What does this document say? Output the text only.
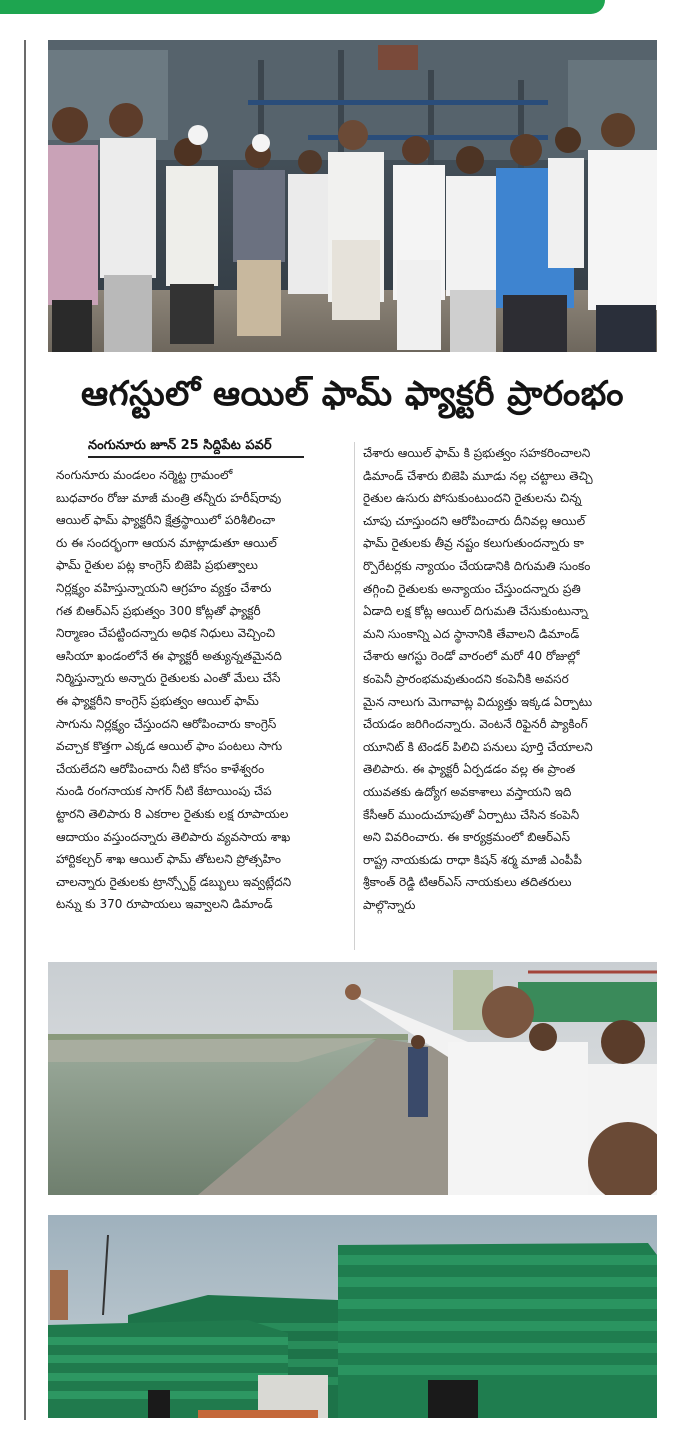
ఆగస్టులో ఆయిల్ ఫామ్ ఫ్యాక్టరీ ప్రారంభం
నంగునూరు జూన్ 25 సిద్దిపేట పవర్
నంగునూరు మండలం నర్మెట్ట గ్రామంలో
బుధవారం రోజు మాజీ మంత్రి తన్నీరు హరీష్‌రావు
ఆయిల్ ఫామ్ ఫ్యాక్టరీని క్షేత్రస్థాయిలో పరిశీలించా
రు ఈ సందర్భంగా ఆయన మాట్లాడుతూ ఆయిల్
ఫామ్ రైతుల పట్ల కాంగ్రెస్ బిజెపి ప్రభుత్వాలు
నిర్లక్ష్యం వహిస్తున్నాయని ఆగ్రహం వ్యక్తం చేశారు
గత బిఆర్ఎస్ ప్రభుత్వం 300 కోట్లతో ఫ్యాక్టరీ
నిర్మాణం చేపట్టిందన్నారు అధిక నిధులు వెచ్చించి
ఆసియా ఖండంలోనే ఈ ఫ్యాక్టరీ అత్యున్నతమైనది
నిర్మిస్తున్నారు అన్నారు రైతులకు ఎంతో మేలు చేసే
ఈ ఫ్యాక్టరీని కాంగ్రెస్ ప్రభుత్వం ఆయిల్ ఫామ్
సాగును నిర్లక్ష్యం చేస్తుందని ఆరోపించారు కాంగ్రెస్
వచ్చాక కొత్తగా ఎక్కడ ఆయిల్ ఫాం పంటలు సాగు
చేయలేదని ఆరోపించారు నీటి కోసం కాళేశ్వరం
నుండి రంగనాయక సాగర్ నీటి కేటాయింపు చేప
ట్టారని తెలిపారు 8 ఎకరాల రైతుకు లక్ష రూపాయల
ఆదాయం వస్తుందన్నారు తెలిపారు వ్యవసాయ శాఖ
హార్టికల్చర్ శాఖ ఆయిల్ ఫామ్ తోటలని ప్రోత్సహిం
చాలన్నారు రైతులకు ట్రాన్స్పోర్ట్ డబ్బులు ఇవ్వట్లేదని
టన్ను కు 370 రూపాయలు ఇవ్వాలని డిమాండ్
చేశారు ఆయిల్ ఫామ్ కి ప్రభుత్వం సహకరించాలని
డిమాండ్ చేశారు బిజెపి మూడు నల్ల చట్టాలు తెచ్చి
రైతుల ఉసురు పోసుకుంటుందని రైతులను చిన్న
చూపు చూస్తుందని ఆరోపించారు దీనివల్ల ఆయిల్
ఫామ్ రైతులకు తీవ్ర నష్టం కలుగుతుందన్నారు కా
ర్పొరేటర్లకు న్యాయం చేయడానికి దిగుమతి సుంకం
తగ్గించి రైతులకు అన్యాయం చేస్తుందన్నారు ప్రతి
ఏడాది లక్ష కోట్ల ఆయిల్ దిగుమతి చేసుకుంటున్నా
మని సుంకాన్ని ఎద స్థానానికి తేవాలని డిమాండ్
చేశారు ఆగస్టు రెండో వారంలో మరో 40 రోజుల్లో
కంపెనీ ప్రారంభమవుతుందని కంపెనీకి అవసర
మైన నాలుగు మెగావాట్ల విద్యుత్తు ఇక్కడ ఏర్పాటు
చేయడం జరిగిందన్నారు. వెంటనే రిఫైనరీ ప్యాకింగ్
యూనిట్ కి టెండర్ పిలిచి పనులు పూర్తి చేయాలని
తెలిపారు. ఈ ఫ్యాక్టరీ ఏర్పడడం వల్ల ఈ ప్రాంత
యువతకు ఉద్యోగ అవకాశాలు వస్తాయని ఇది
కేసీఆర్ ముందుచూపుతో ఏర్పాటు చేసిన కంపెనీ
అని వివరించారు. ఈ కార్యక్రమంలో బిఆర్ఎస్
రాష్ట్ర నాయకుడు రాధా కిషన్ శర్మ మాజీ ఎంపీపీ
శ్రీకాంత్ రెడ్డి టిఆర్ఎస్ నాయకులు తదితరులు
పాల్గొన్నారు
